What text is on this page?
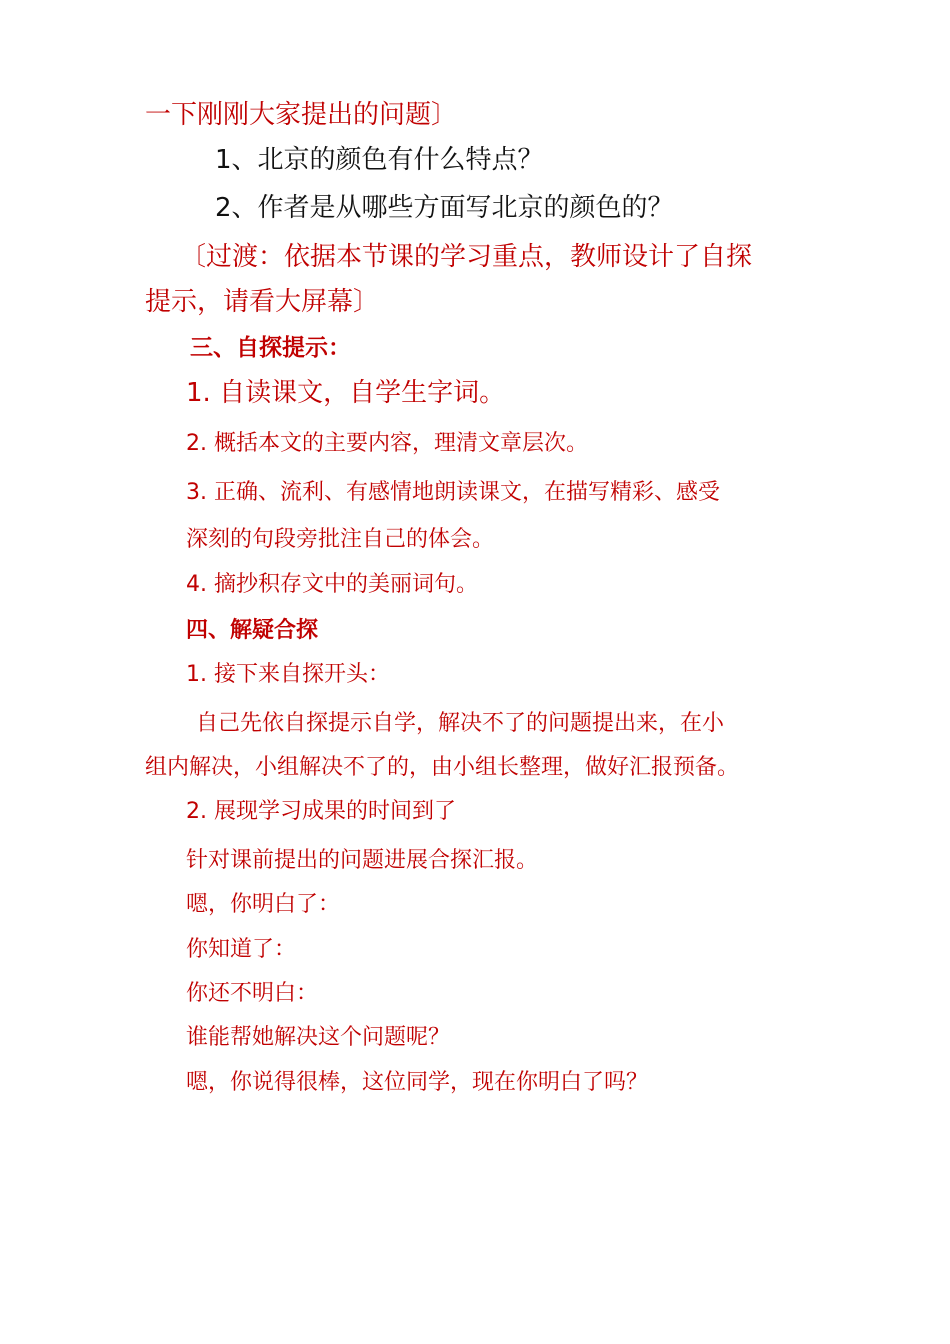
一下刚刚大家提出的问题〕
1、北京的颜色有什么特点？
2、作者是从哪些方面写北京的颜色的？
〔过渡：依据本节课的学习重点，教师设计了自探
提示，请看大屏幕〕
三、自探提示：
1. 自读课文，自学生字词。
2. 概括本文的主要内容，理清文章层次。
3. 正确、流利、有感情地朗读课文，在描写精彩、感受
深刻的句段旁批注自己的体会。
4. 摘抄积存文中的美丽词句。
四、解疑合探
1. 接下来自探开头：
自己先依自探提示自学，解决不了的问题提出来，在小
组内解决，小组解决不了的，由小组长整理，做好汇报预备。
2. 展现学习成果的时间到了
针对课前提出的问题进展合探汇报。
嗯，你明白了：
你知道了：
你还不明白：
谁能帮她解决这个问题呢？
嗯，你说得很棒，这位同学，现在你明白了吗？
